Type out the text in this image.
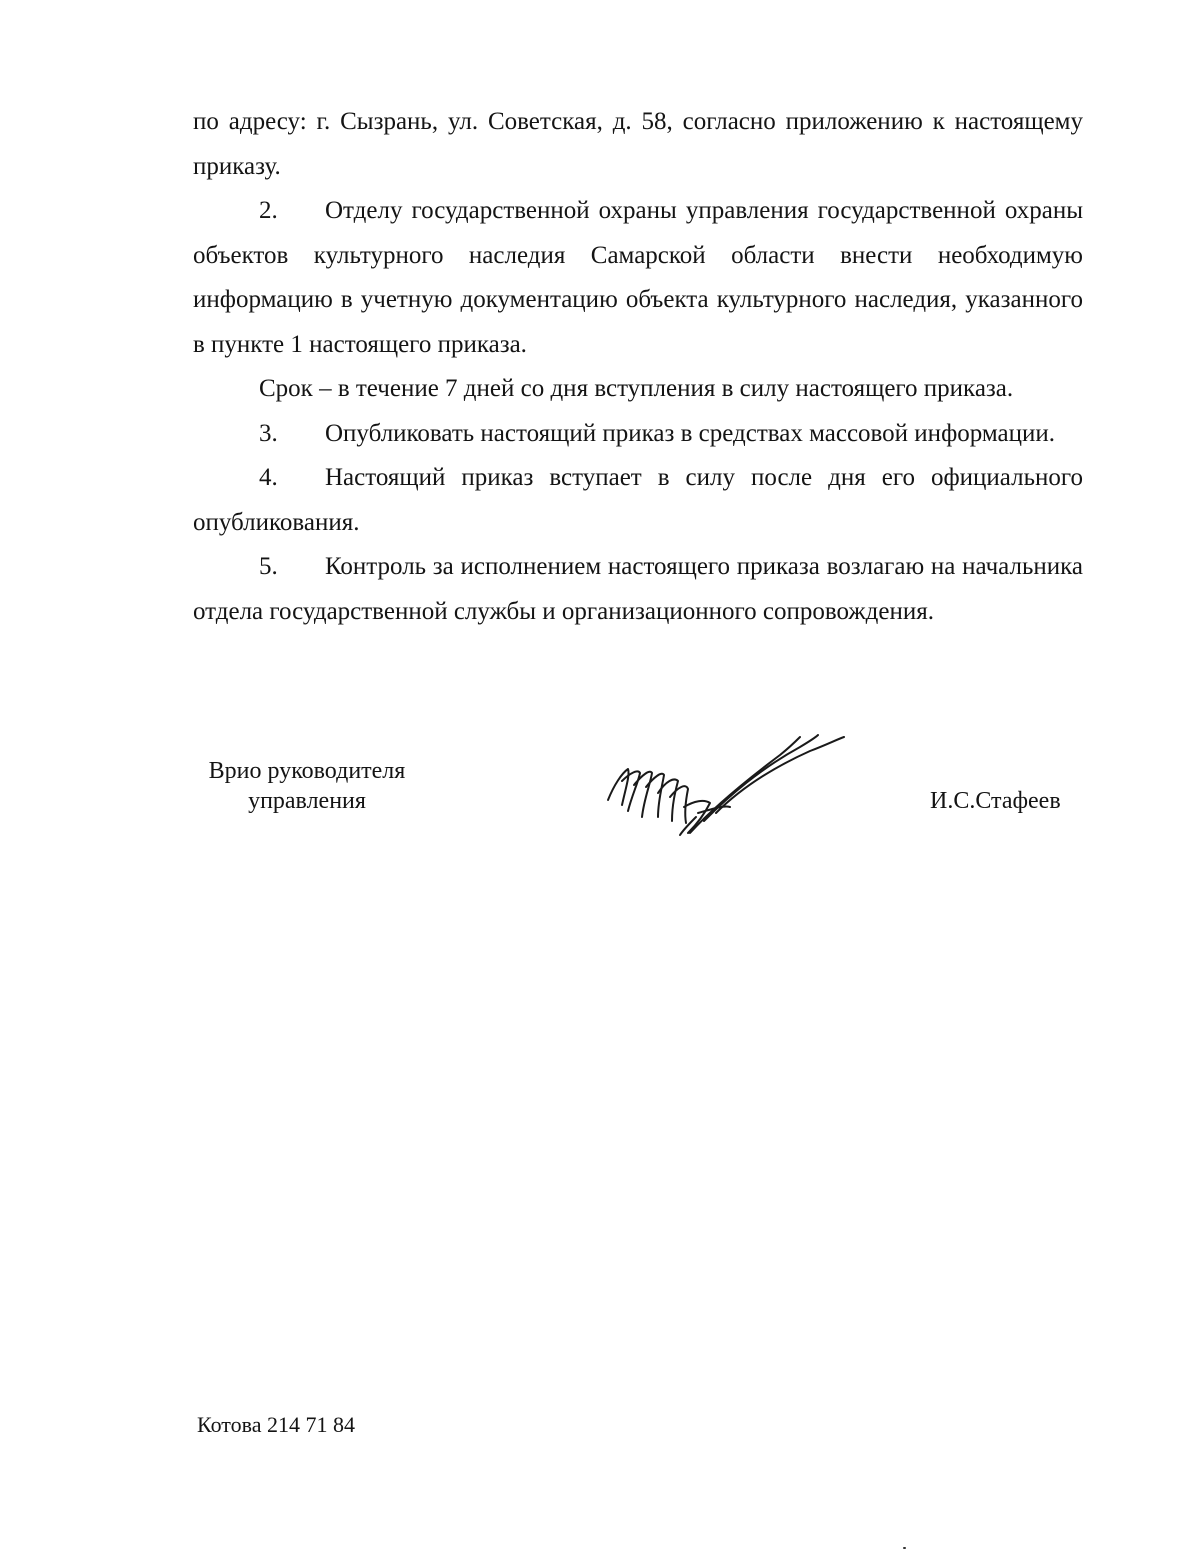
по адресу: г. Сызрань, ул. Советская, д. 58, согласно приложению к настоящему приказу.

2. Отделу государственной охраны управления государственной охраны объектов культурного наследия Самарской области внести необходимую информацию в учетную документацию объекта культурного наследия, указанного в пункте 1 настоящего приказа.

Срок – в течение 7 дней со дня вступления в силу настоящего приказа.

3. Опубликовать настоящий приказ в средствах массовой информации.

4. Настоящий приказ вступает в силу после дня его официального опубликования.

5. Контроль за исполнением настоящего приказа возлагаю на начальника отдела государственной службы и организационного сопровождения.

Врио руководителя
управления	И.С.Стафеев
Котова 214 71 84
